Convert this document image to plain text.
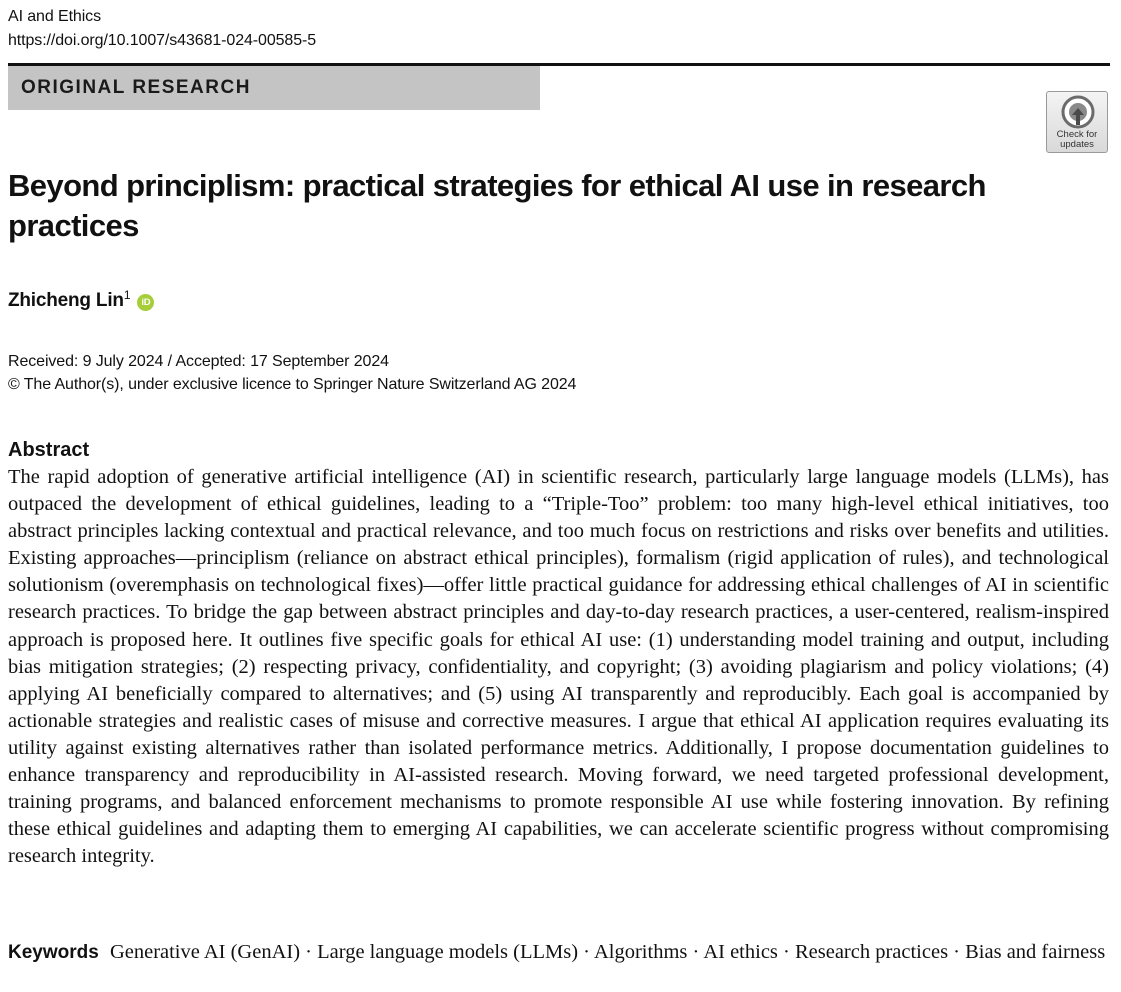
AI and Ethics
https://doi.org/10.1007/s43681-024-00585-5
ORIGINAL RESEARCH
Check for
updates
Beyond principlism: practical strategies for ethical AI use in research practices
Zhicheng Lin$^1$ iD
Received: 9 July 2024 / Accepted: 17 September 2024
© The Author(s), under exclusive licence to Springer Nature Switzerland AG 2024
Abstract

The rapid adoption of generative artificial intelligence (AI) in scientific research, particularly large language models (LLMs), has outpaced the development of ethical guidelines, leading to a “Triple-Too” problem: too many high-level ethical initiatives, too abstract principles lacking contextual and practical relevance, and too much focus on restrictions and risks over benefits and utilities. Existing approaches—principlism (reliance on abstract ethical principles), formalism (rigid application of rules), and technological solutionism (overemphasis on technological fixes)—offer little practical guidance for addressing ethical challenges of AI in scientific research practices. To bridge the gap between abstract principles and day-to-day research practices, a user-centered, realism-inspired approach is proposed here. It outlines five specific goals for ethical AI use: (1) understanding model training and output, including bias mitigation strategies; (2) respecting privacy, confidentiality, and copyright; (3) avoiding plagiarism and policy violations; (4) applying AI beneficially compared to alternatives; and (5) using AI transparently and reproducibly. Each goal is accompanied by actionable strategies and realistic cases of misuse and corrective measures. I argue that ethical AI application requires evaluating its utility against existing alternatives rather than isolated performance metrics. Additionally, I propose documentation guidelines to enhance transparency and reproducibility in AI-assisted research. Moving forward, we need targeted professional development, training programs, and balanced enforcement mechanisms to promote responsible AI use while fostering innovation. By refining these ethical guidelines and adapting them to emerging AI capabilities, we can accelerate scientific progress without compromising research integrity.

Keywords Generative AI (GenAI) · Large language models (LLMs) · Algorithms · AI ethics · Research practices · Bias and fairness
